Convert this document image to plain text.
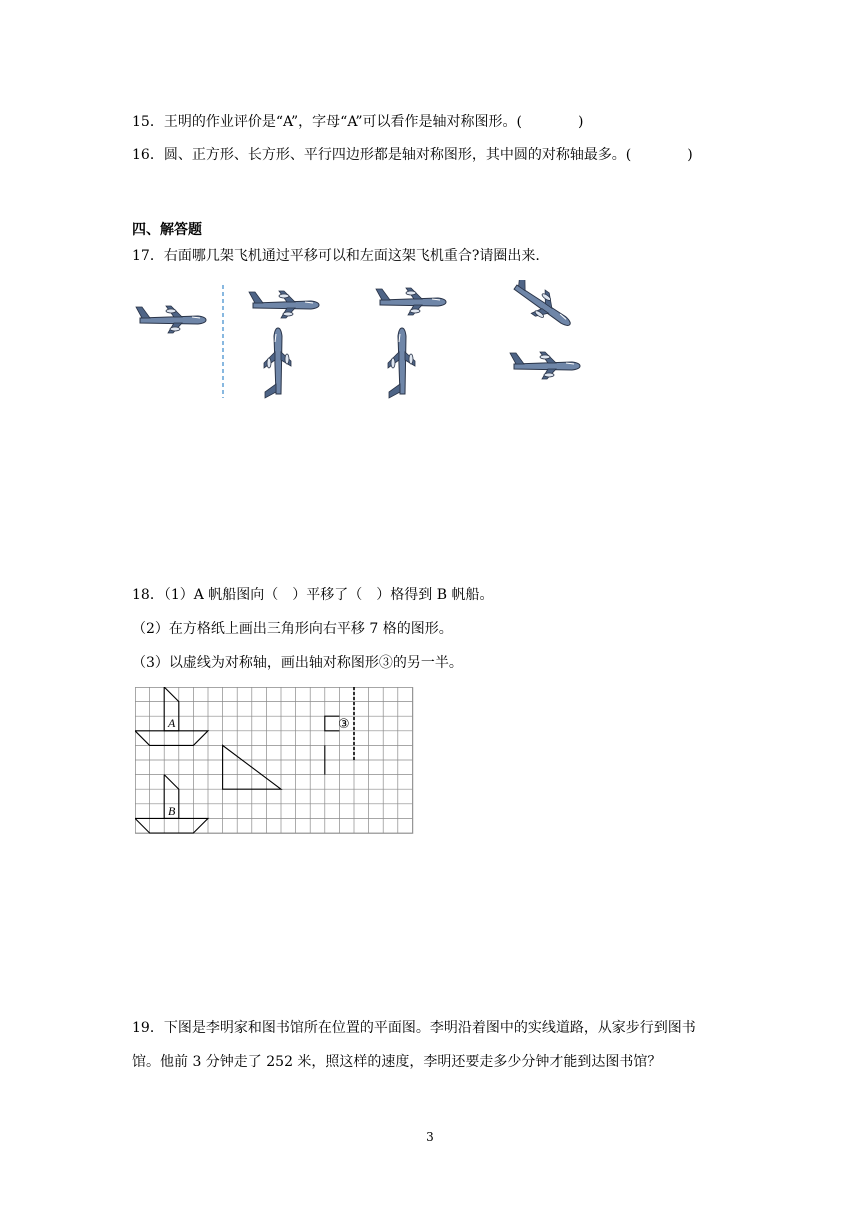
15．王明的作业评价是“A”，字母“A”可以看作是轴对称图形。(　　　　)
16．圆、正方形、长方形、平行四边形都是轴对称图形，其中圆的对称轴最多。(　　　　)
四、解答题
17．右面哪几架飞机通过平移可以和左面这架飞机重合?请圈出来.
18．（1）A 帆船图向（　）平移了（　）格得到 B 帆船。
（2）在方格纸上画出三角形向右平移 7 格的图形。
（3）以虚线为对称轴，画出轴对称图形③的另一半。
A
B
③
19．下图是李明家和图书馆所在位置的平面图。李明沿着图中的实线道路，从家步行到图书
馆。他前 3 分钟走了 252 米，照这样的速度，李明还要走多少分钟才能到达图书馆？
3
